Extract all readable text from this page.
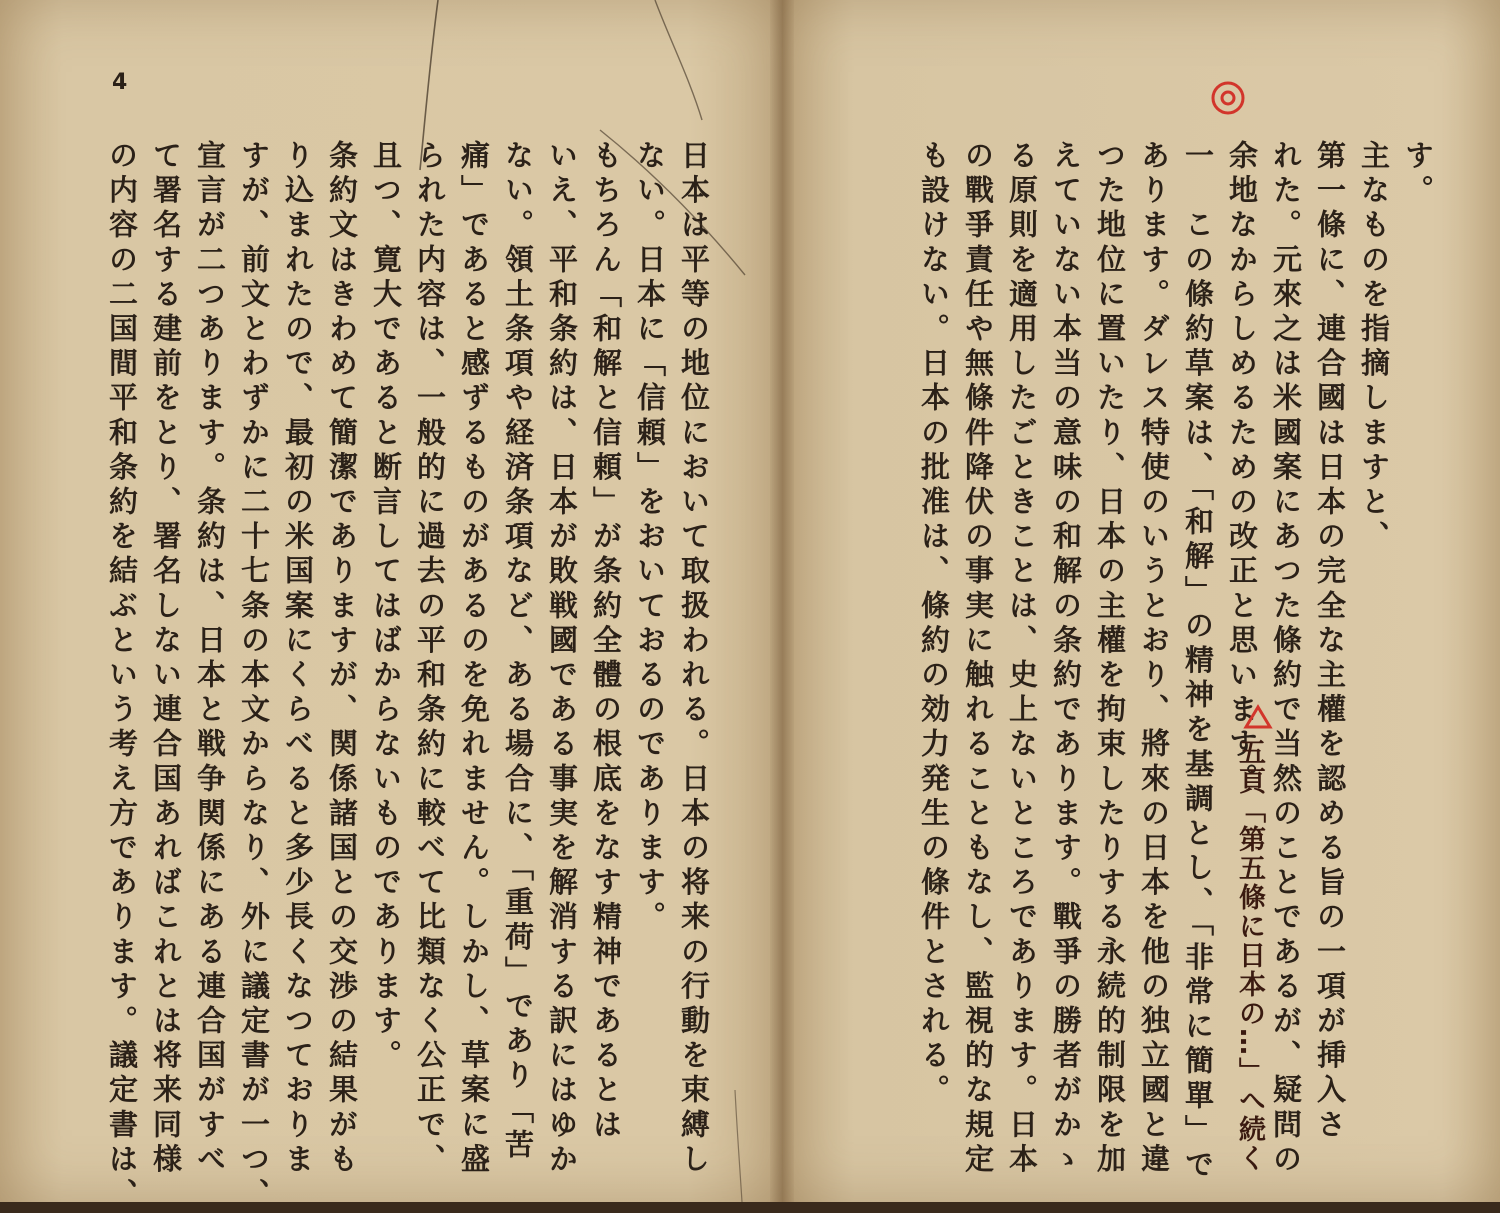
4
日本は平等の地位において取扱われる。日本の将来の行動を束縛し
ない。日本に「信頼」をおいておるのであります。
もちろん「和解と信頼」が条約全體の根底をなす精神であるとは
いえ、平和条約は、日本が敗戦國である事実を解消する訳にはゆか
ない。領土条項や経済条項など、ある場合に、「重荷」であり「苦
痛」であると感ずるものがあるのを免れません。しかし、草案に盛
られた内容は、一般的に過去の平和条約に較べて比類なく公正で、
且つ、寛大であると断言してはばからないものであります。
条約文はきわめて簡潔でありますが、関係諸国との交渉の結果がも
り込まれたので、最初の米国案にくらべると多少長くなつておりま
すが、前文とわずかに二十七条の本文からなり、外に議定書が一つ、
宣言が二つあります。条約は、日本と戦争関係にある連合国がすべ
て署名する建前をとり、署名しない連合国あればこれとは将来同様
の内容の二国間平和条約を結ぶという考え方であります。議定書は、	す。
主なものを指摘しますと、
第一條に、連合國は日本の完全な主權を認める旨の一項が挿入さ
れた。元來之は米國案にあつた條約で当然のことであるが、疑問の
余地なからしめるための改正と思います。
一　この條約草案は、「和解」の精神を基調とし、「非常に簡單」で
あります。ダレス特使のいうとおり、將來の日本を他の独立國と違
つた地位に置いたり、日本の主權を拘束したりする永続的制限を加
えていない本当の意味の和解の条約であります。戰爭の勝者がかゝ
る原則を適用したごときことは、史上ないところであります。日本
の戰爭責任や無條件降伏の事実に触れることもなし、監視的な規定
も設けない。日本の批准は、條約の効力発生の條件とされる。	五頁「第五條に日本の…」へ続く
